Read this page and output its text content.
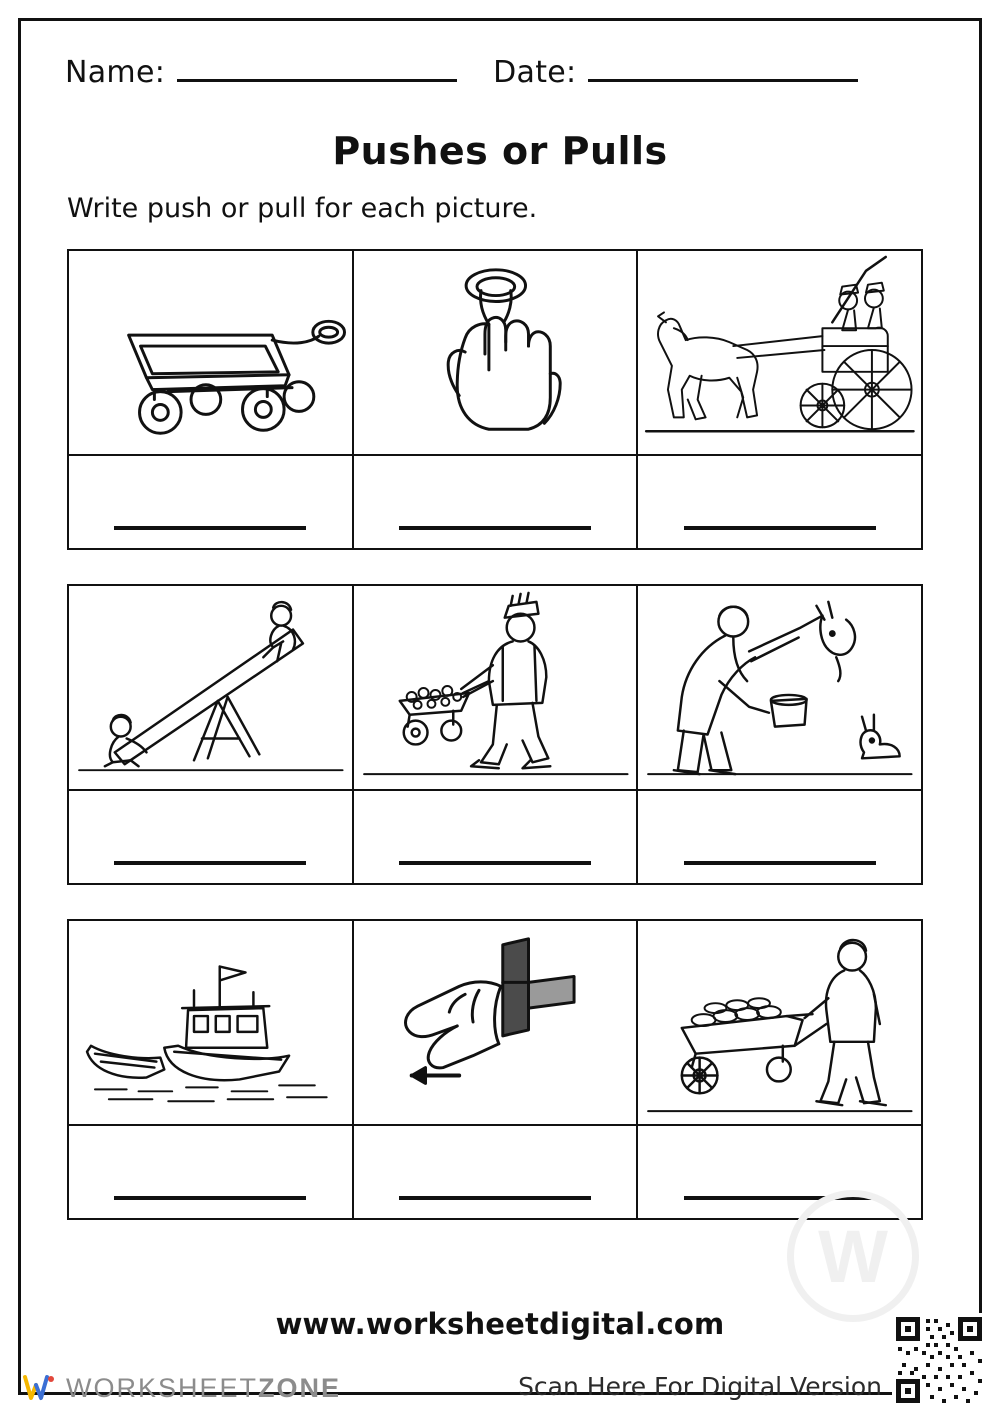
Name:	Date:
Pushes or Pulls
Write push or pull for each picture.
www.worksheetdigital.com
W
WORKSHEETZONE	Scan Here For Digital Version
